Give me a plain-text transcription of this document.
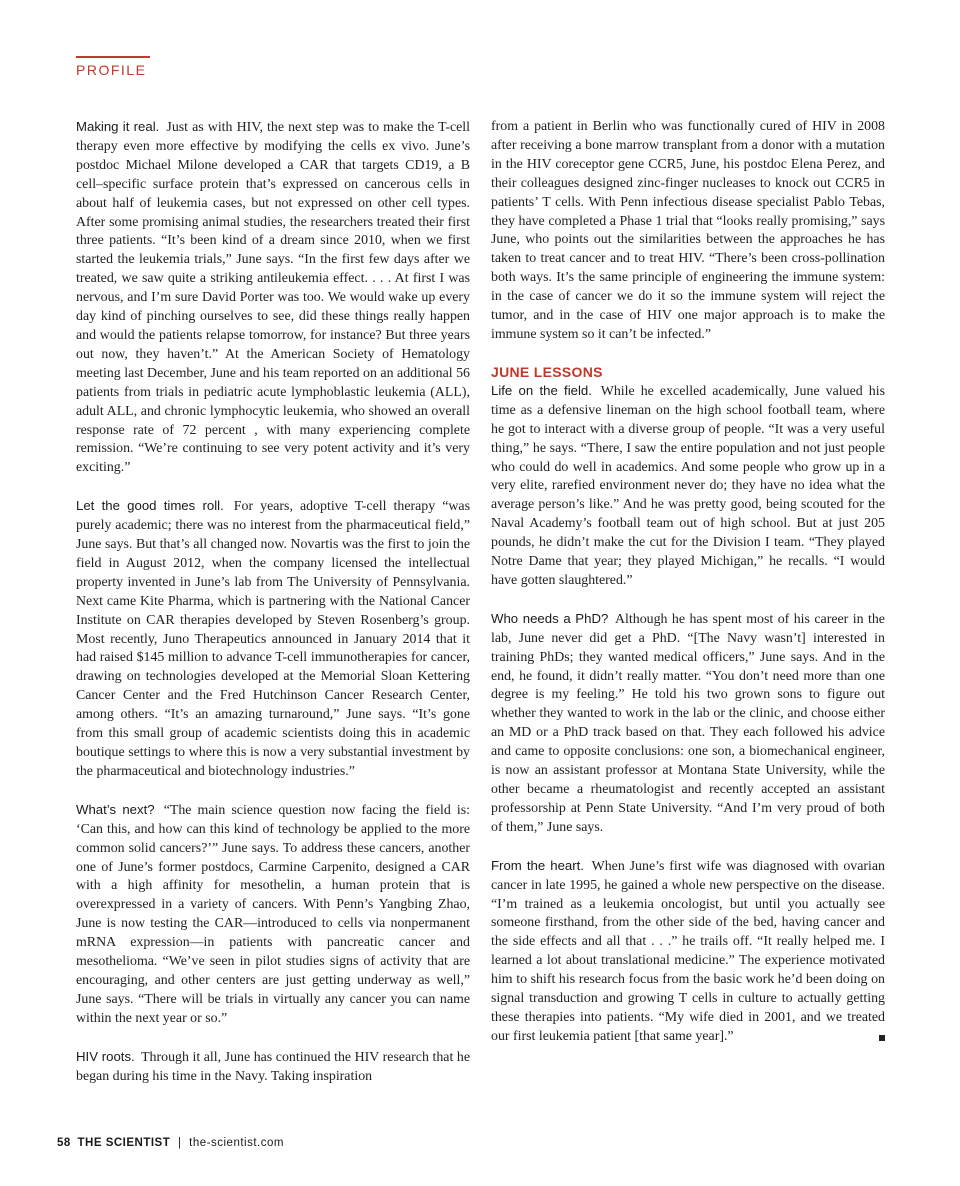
PROFILE

Making it real. Just as with HIV, the next step was to make the T-cell therapy even more effective by modifying the cells ex vivo. June’s postdoc Michael Milone developed a CAR that targets CD19, a B cell–specific surface protein that’s expressed on cancerous cells in about half of leukemia cases, but not expressed on other cell types. After some promising animal studies, the researchers treated their first three patients. “It’s been kind of a dream since 2010, when we first started the leukemia trials,” June says. “In the first few days after we treated, we saw quite a striking antileukemia effect. . . . At first I was nervous, and I’m sure David Porter was too. We would wake up every day kind of pinching ourselves to see, did these things really happen and would the patients relapse tomorrow, for instance? But three years out now, they haven’t.” At the American Society of Hematology meeting last December, June and his team reported on an additional 56 patients from trials in pediatric acute lymphoblastic leukemia (ALL), adult ALL, and chronic lymphocytic leukemia, who showed an overall response rate of 72 percent , with many experiencing complete remission. “We’re continuing to see very potent activity and it’s very exciting.”

Let the good times roll. For years, adoptive T-cell therapy “was purely academic; there was no interest from the pharmaceutical field,” June says. But that’s all changed now. Novartis was the first to join the field in August 2012, when the company licensed the intellectual property invented in June’s lab from The University of Pennsylvania. Next came Kite Pharma, which is partnering with the National Cancer Institute on CAR therapies developed by Steven Rosenberg’s group. Most recently, Juno Therapeutics announced in January 2014 that it had raised $145 million to advance T-cell immunotherapies for cancer, drawing on technologies developed at the Memorial Sloan Kettering Cancer Center and the Fred Hutchinson Cancer Research Center, among others. “It’s an amazing turnaround,” June says. “It’s gone from this small group of academic scientists doing this in academic boutique settings to where this is now a very substantial investment by the pharmaceutical and biotechnology industries.”

What’s next? “The main science question now facing the field is: ‘Can this, and how can this kind of technology be applied to the more common solid cancers?’” June says. To address these cancers, another one of June’s former postdocs, Carmine Carpenito, designed a CAR with a high affinity for mesothelin, a human protein that is overexpressed in a variety of cancers. With Penn’s Yangbing Zhao, June is now testing the CAR—introduced to cells via nonpermanent mRNA expression—in patients with pancreatic cancer and mesothelioma. “We’ve seen in pilot studies signs of activity that are encouraging, and other centers are just getting underway as well,” June says. “There will be trials in virtually any cancer you can name within the next year or so.”

HIV roots. Through it all, June has continued the HIV research that he began during his time in the Navy. Taking inspiration

from a patient in Berlin who was functionally cured of HIV in 2008 after receiving a bone marrow transplant from a donor with a mutation in the HIV coreceptor gene CCR5, June, his postdoc Elena Perez, and their colleagues designed zinc-finger nucleases to knock out CCR5 in patients’ T cells. With Penn infectious disease specialist Pablo Tebas, they have completed a Phase 1 trial that “looks really promising,” says June, who points out the similarities between the approaches he has taken to treat cancer and to treat HIV. “There’s been cross-pollination both ways. It’s the same principle of engineering the immune system: in the case of cancer we do it so the immune system will reject the tumor, and in the case of HIV one major approach is to make the immune system so it can’t be infected.”

JUNE LESSONS

Life on the field. While he excelled academically, June valued his time as a defensive lineman on the high school football team, where he got to interact with a diverse group of people. “It was a very useful thing,” he says. “There, I saw the entire population and not just people who could do well in academics. And some people who grow up in a very elite, rarefied environment never do; they have no idea what the average person’s like.” And he was pretty good, being scouted for the Naval Academy’s football team out of high school. But at just 205 pounds, he didn’t make the cut for the Division I team. “They played Notre Dame that year; they played Michigan,” he recalls. “I would have gotten slaughtered.”

Who needs a PhD? Although he has spent most of his career in the lab, June never did get a PhD. “[The Navy wasn’t] interested in training PhDs; they wanted medical officers,” June says. And in the end, he found, it didn’t really matter. “You don’t need more than one degree is my feeling.” He told his two grown sons to figure out whether they wanted to work in the lab or the clinic, and choose either an MD or a PhD track based on that. They each followed his advice and came to opposite conclusions: one son, a biomechanical engineer, is now an assistant professor at Montana State University, while the other became a rheumatologist and recently accepted an assistant professorship at Penn State University. “And I’m very proud of both of them,” June says.

From the heart. When June’s first wife was diagnosed with ovarian cancer in late 1995, he gained a whole new perspective on the disease. “I’m trained as a leukemia oncologist, but until you actually see someone firsthand, from the other side of the bed, having cancer and the side effects and all that . . .” he trails off. “It really helped me. I learned a lot about translational medicine.” The experience motivated him to shift his research focus from the basic work he’d been doing on signal transduction and growing T cells in culture to actually getting these therapies into patients. “My wife died in 2001, and we treated our first leukemia patient [that same year].”

58 THE SCIENTIST | the-scientist.com
